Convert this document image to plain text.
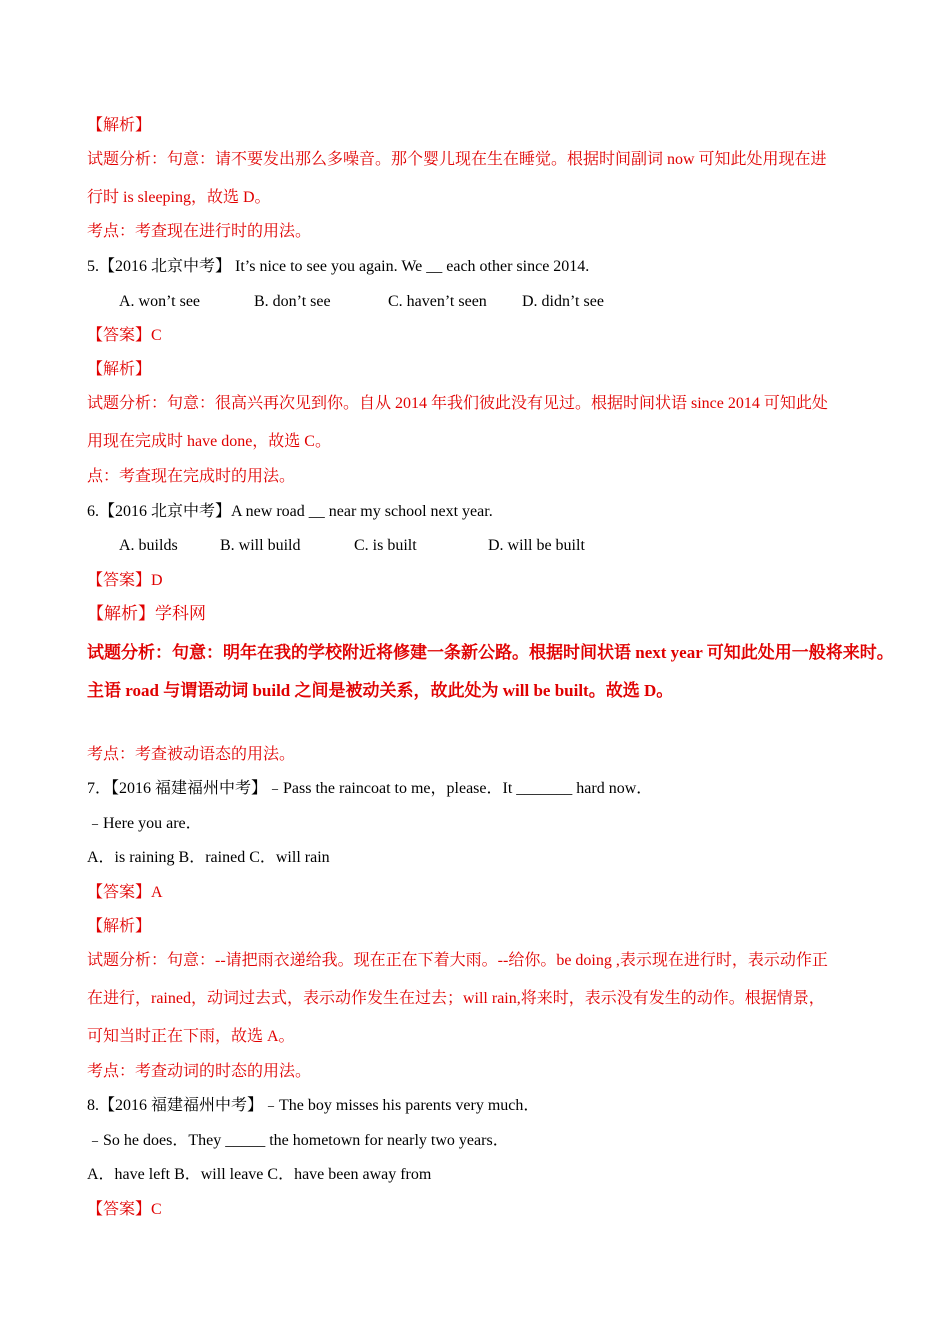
【解析】
试题分析：句意：请不要发出那么多噪音。那个婴儿现在生在睡觉。根据时间副词 now 可知此处用现在进
行时 is sleeping，故选 D。
考点：考查现在进行时的用法。
5.【2016 北京中考】 It’s nice to see you again. We __ each other since 2014.
A. won’t see	B. don’t see	C. haven’t seen D. didn’t see
【答案】C
【解析】
试题分析：句意：很高兴再次见到你。自从 2014 年我们彼此没有见过。根据时间状语 since 2014 可知此处
用现在完成时 have done，故选 C。
点：考查现在完成时的用法。
6.【2016 北京中考】A new road __ near my school next year.
A. builds	B. will build	C. is built	D. will be built
【答案】D
【解析】学科网
试题分析：句意：明年在我的学校附近将修建一条新公路。根据时间状语 next year 可知此处用一般将来时。
主语 road 与谓语动词 build 之间是被动关系，故此处为 will be built。故选 D。
考点：考查被动语态的用法。
7．【2016 福建福州中考】﹣Pass the raincoat to me，please．It _______ hard now．
﹣Here you are．
A．is raining B．rained C．will rain
【答案】A
【解析】
试题分析：句意：--请把雨衣递给我。现在正在下着大雨。--给你。be doing ,表示现在进行时，表示动作正
在进行，rained，动词过去式，表示动作发生在过去；will rain,将来时，表示没有发生的动作。根据情景，
可知当时正在下雨，故选 A。
考点：考查动词的时态的用法。
8.【2016 福建福州中考】﹣The boy misses his parents very much．
﹣So he does．They _____ the hometown for nearly two years．
A．have left B．will leave C．have been away from
【答案】C
